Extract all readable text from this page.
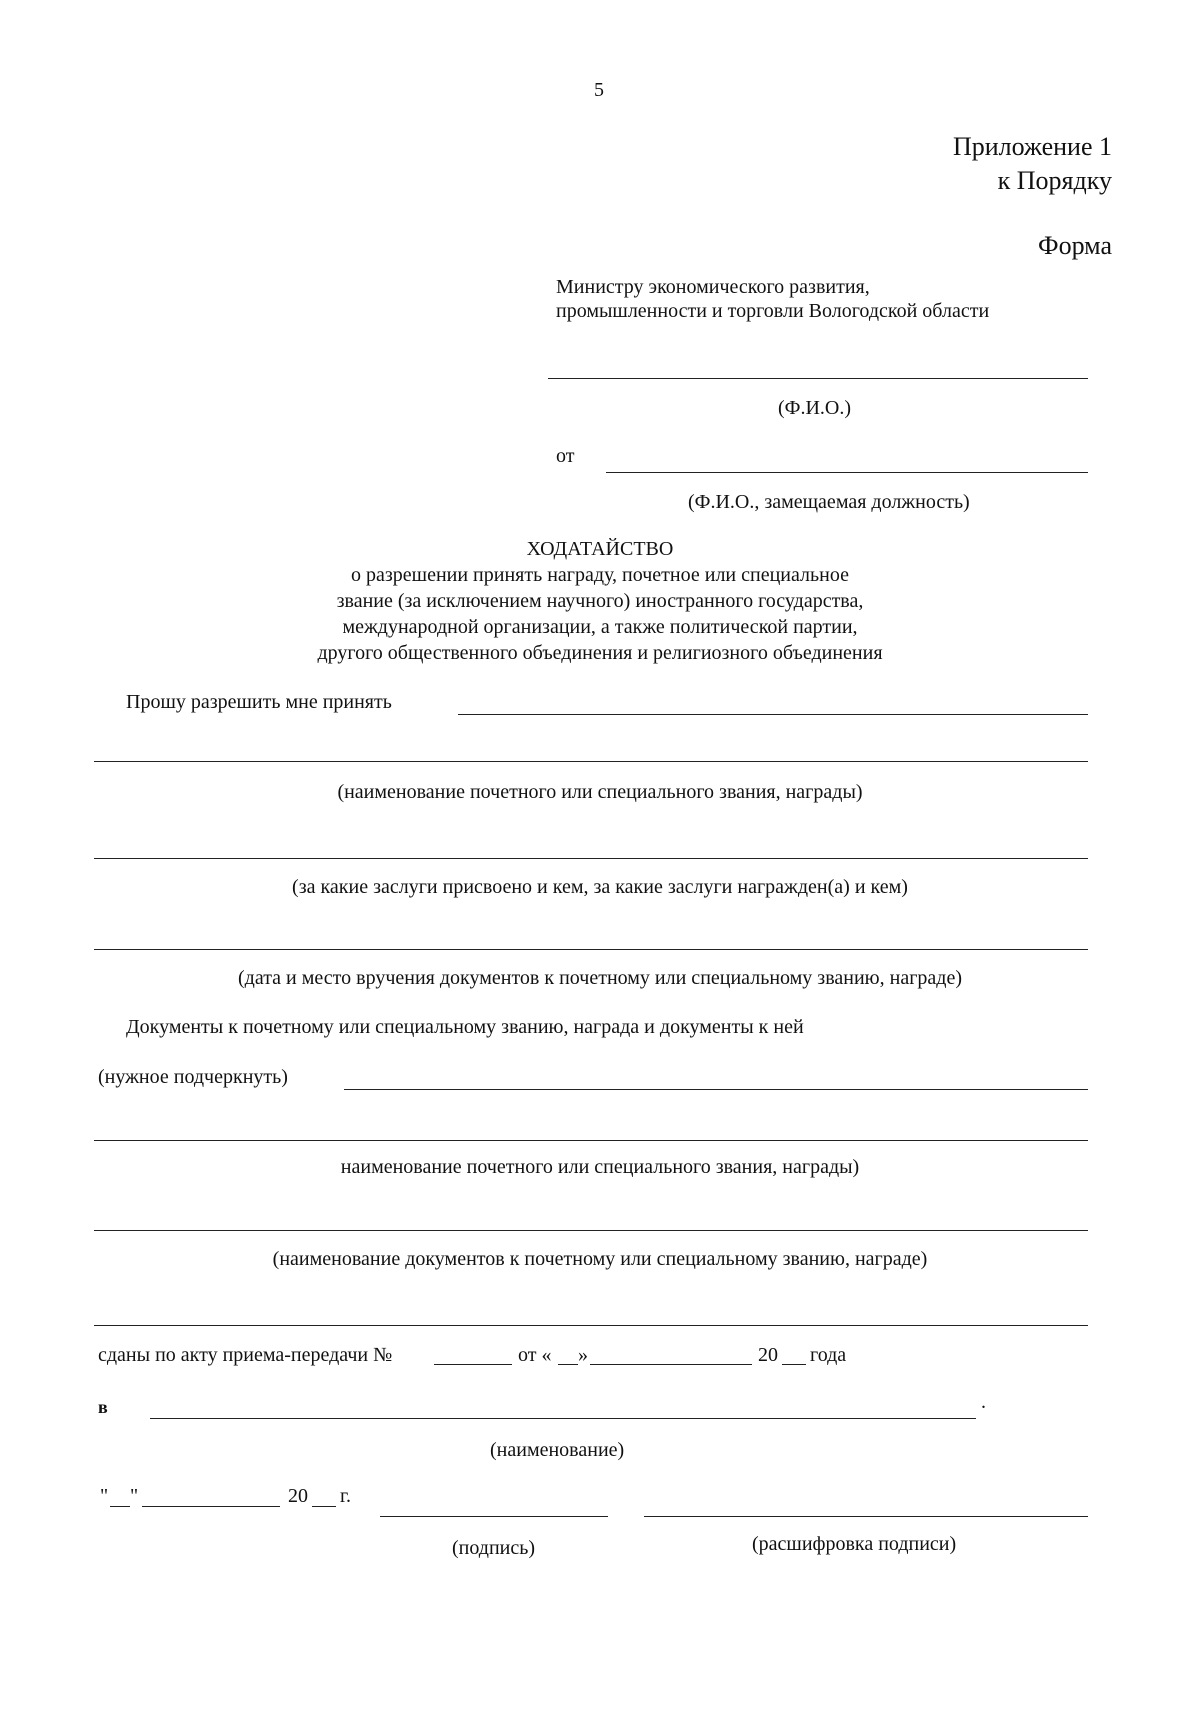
5
Приложение 1
к Порядку
Форма
Министру экономического развития,
промышленности и торговли Вологодской области
(Ф.И.О.)
от
(Ф.И.О., замещаемая должность)
ХОДАТАЙСТВО
о разрешении принять награду, почетное или специальное
звание (за исключением научного) иностранного государства,
международной организации, а также политической партии,
другого общественного объединения и религиозного объединения
Прошу разрешить мне принять
(наименование почетного или специального звания, награды)
(за какие заслуги присвоено и кем, за какие заслуги награжден(а) и кем)
(дата и место вручения документов к почетному или специальному званию, награде)
Документы к почетному или специальному званию, награда и документы к ней
(нужное подчеркнуть)
наименование почетного или специального звания, награды)
(наименование документов к почетному или специальному званию, награде)
сданы по акту приема-передачи №	от « »	20 года
в	.
(наименование)
" "	20 г.
(подпись)	(расшифровка подписи)
